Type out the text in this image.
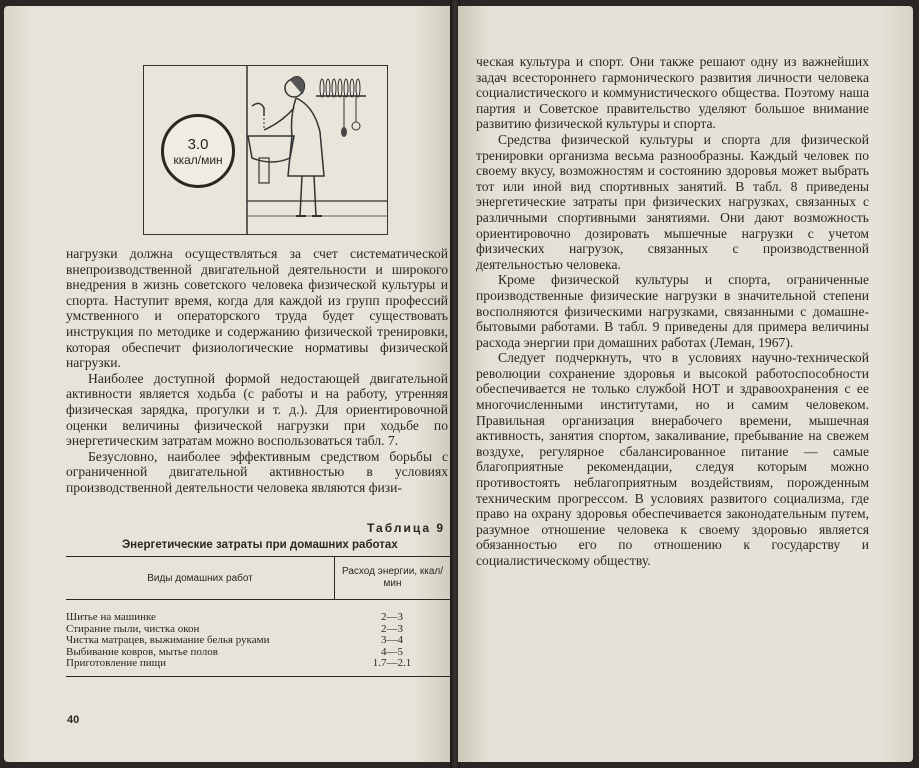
3.0
ккал/мин

нагрузки должна осуществляться за счет систематической внепроизводственной двигательной деятельности и широкого внедрения в жизнь советского человека физической культуры и спорта. Наступит время, когда для каждой из групп профессий умственного и операторского труда будет существовать инструкция по методике и содержанию физической тренировки, которая обеспечит физиологические нормативы физической нагрузки.

Наиболее доступной формой недостающей двигательной активности является ходьба (с работы и на работу, утренняя физическая зарядка, прогулки и т. д.). Для ориентировочной оценки величины физической нагрузки при ходьбе по энергетическим затратам можно воспользоваться табл. 7.

Безусловно, наиболее эффективным средством борьбы с ограниченной двигательной активностью в условиях производственной деятельности человека являются физи-

Таблица 9
Энергетические затраты при домашних работах
Виды домашних работ
Расход энергии, ккал/мин
Шитье на машинке	2—3
Стирание пыли, чистка окон	2—3
Чистка матрацев, выжимание белья руками	3—4
Выбивание ковров, мытье полов	4—5
Приготовление пищи	1.7—2.1
40

ческая культура и спорт. Они также решают одну из важнейших задач всестороннего гармонического развития личности человека социалистического и коммунистического общества. Поэтому наша партия и Советское правительство уделяют большое внимание развитию физической культуры и спорта.

Средства физической культуры и спорта для физической тренировки организма весьма разнообразны. Каждый человек по своему вкусу, возможностям и состоянию здоровья может выбрать тот или иной вид спортивных занятий. В табл. 8 приведены энергетические затраты при физических нагрузках, связанных с различными спортивными занятиями. Они дают возможность ориентировочно дозировать мышечные нагрузки с учетом физических нагрузок, связанных с производственной деятельностью человека.

Кроме физической культуры и спорта, ограниченные производственные физические нагрузки в значительной степени восполняются физическими нагрузками, связанными с домашне-бытовыми работами. В табл. 9 приведены для примера величины расхода энергии при домашних работах (Леман, 1967).

Следует подчеркнуть, что в условиях научно-технической революции сохранение здоровья и высокой работоспособности обеспечивается не только службой НОТ и здравоохранения с ее многочисленными институтами, но и самим человеком. Правильная организация внерабочего времени, мышечная активность, занятия спортом, закаливание, пребывание на свежем воздухе, регулярное сбалансированное питание — самые благоприятные рекомендации, следуя которым можно противостоять неблагоприятным воздействиям, порожденным техническим прогрессом. В условиях развитого социализма, где право на охрану здоровья обеспечивается законодательным путем, разумное отношение человека к своему здоровью является обязанностью его по отношению к государству и социалистическому обществу.
